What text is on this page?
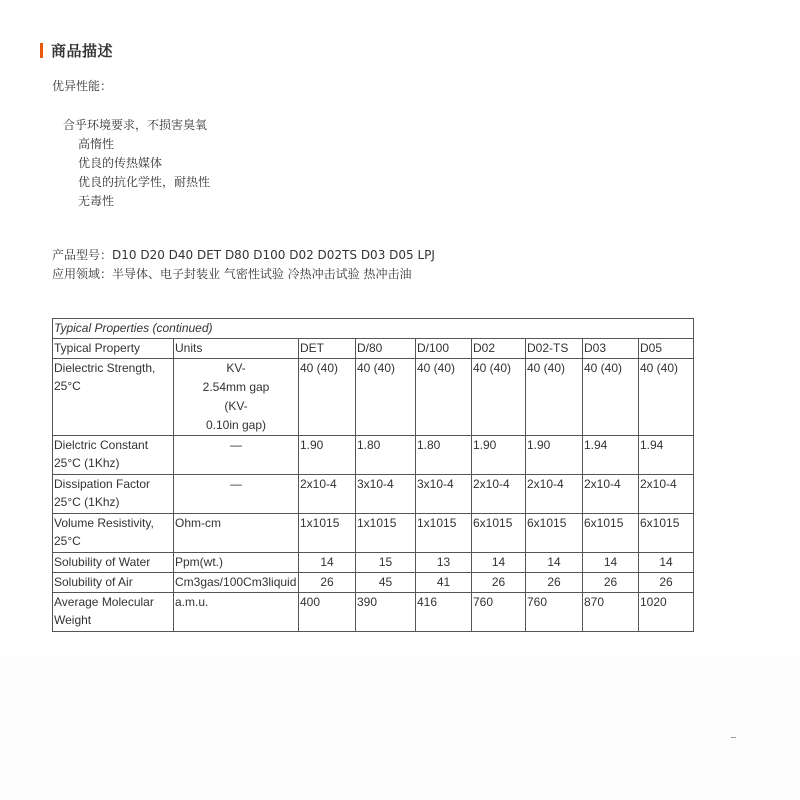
商品描述
优异性能：
合乎环境要求，不损害臭氧
高惰性
优良的传热媒体
优良的抗化学性，耐热性
无毒性
产品型号：D10 D20 D40 DET D80 D100 D02 D02TS D03 D05 LPJ
应用领域：半导体、电子封装业 气密性试验 冷热冲击试验 热冲击油
Typical Properties (continued)								
Typical Property	Units	DET	D/80	D/100	D02	D02-TS	D03	D05
Dielectric Strength, 25°C	KV-
2.54mm gap
(KV-
0.10in gap)	40 (40)	40 (40)	40 (40)	40 (40)	40 (40)	40 (40)	40 (40)
Dielctric Constant 25°C (1Khz)	—	1.90	1.80	1.80	1.90	1.90	1.94	1.94
Dissipation Factor 25°C (1Khz)	—	2x10-4	3x10-4	3x10-4	2x10-4	2x10-4	2x10-4	2x10-4
Volume Resistivity, 25°C	Ohm-cm	1x1015	1x1015	1x1015	6x1015	6x1015	6x1015	6x1015
Solubility of Water	Ppm(wt.)	14	15	13	14	14	14	14
Solubility of Air	Cm3gas/100Cm3liquid	26	45	41	26	26	26	26
Average Molecular Weight	a.m.u.	400	390	416	760	760	870	1020
